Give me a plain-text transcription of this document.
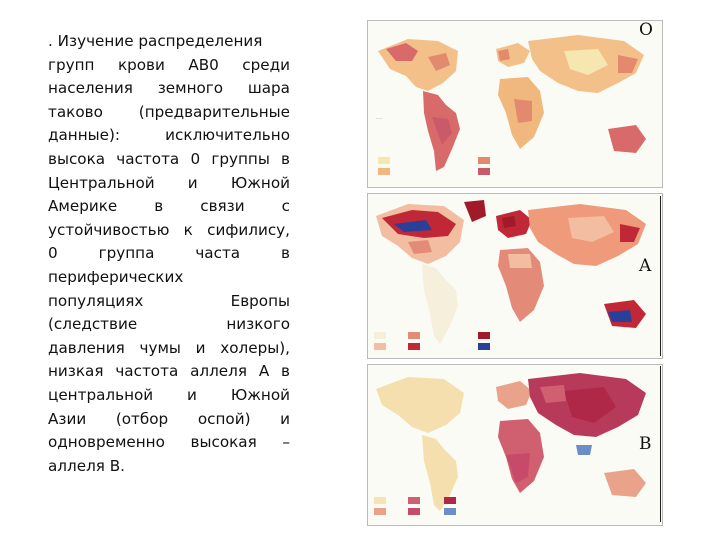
. Изучение распределения
групп крови АВ0 среди
населения земного шара
таково (предварительные
данные): исключительно
высока частота 0 группы в
Центральной и Южной
Америке в связи с
устойчивостью к сифилису,
0 группа часта в
периферических
популяциях Европы
(следствие низкого
давления чумы и холеры),
низкая частота аллеля А в
центральной и Южной
Азии (отбор оспой) и
одновременно высокая –
аллеля В.
.....
O
A
B
